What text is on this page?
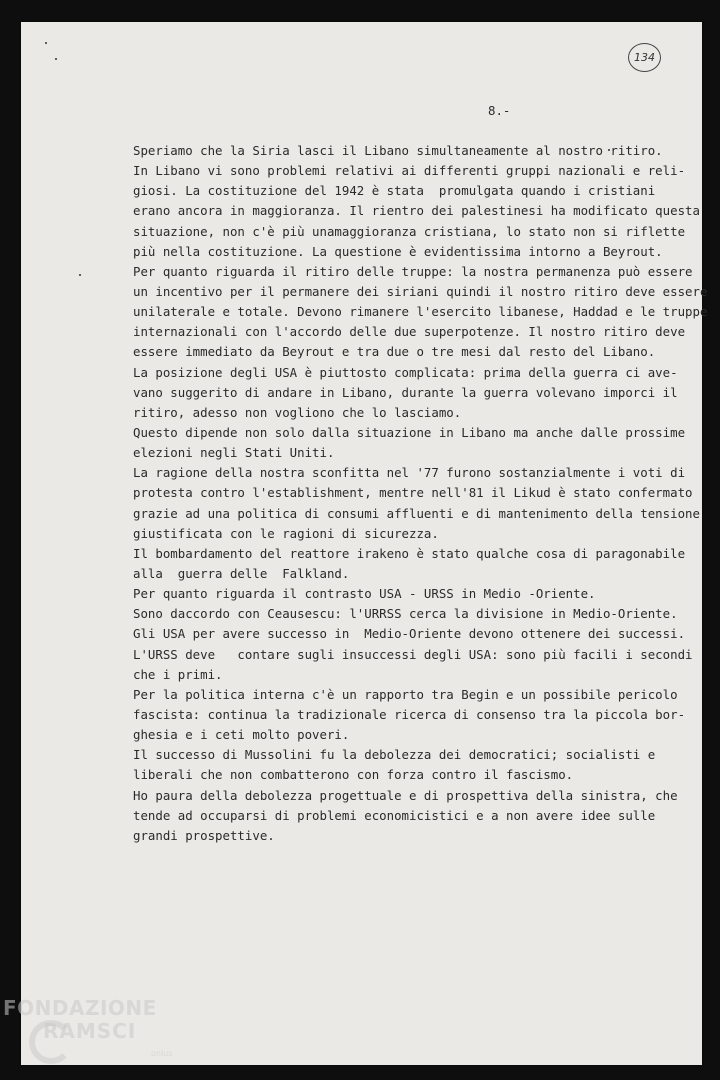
134
8.-
Speriamo che la Siria lasci il Libano simultaneamente al nostro ritiro.
In Libano vi sono problemi relativi ai differenti gruppi nazionali e reli-
giosi. La costituzione del 1942 è stata  promulgata quando i cristiani
erano ancora in maggioranza. Il rientro dei palestinesi ha modificato questa
situazione, non c'è più unamaggioranza cristiana, lo stato non si riflette
più nella costituzione. La questione è evidentissima intorno a Beyrout.
Per quanto riguarda il ritiro delle truppe: la nostra permanenza può essere
un incentivo per il permanere dei siriani quindi il nostro ritiro deve essere
unilaterale e totale. Devono rimanere l'esercito libanese, Haddad e le truppe
internazionali con l'accordo delle due superpotenze. Il nostro ritiro deve
essere immediato da Beyrout e tra due o tre mesi dal resto del Libano.
La posizione degli USA è piuttosto complicata: prima della guerra ci ave-
vano suggerito di andare in Libano, durante la guerra volevano imporci il
ritiro, adesso non vogliono che lo lasciamo.
Questo dipende non solo dalla situazione in Libano ma anche dalle prossime
elezioni negli Stati Uniti.
La ragione della nostra sconfitta nel '77 furono sostanzialmente i voti di
protesta contro l'establishment, mentre nell'81 il Likud è stato confermato
grazie ad una politica di consumi affluenti e di mantenimento della tensione
giustificata con le ragioni di sicurezza.
Il bombardamento del reattore irakeno è stato qualche cosa di paragonabile
alla  guerra delle  Falkland.
Per quanto riguarda il contrasto USA - URSS in Medio -Oriente.
Sono daccordo con Ceausescu: l'URRSS cerca la divisione in Medio-Oriente.
Gli USA per avere successo in  Medio-Oriente devono ottenere dei successi.
L'URSS deve   contare sugli insuccessi degli USA: sono più facili i secondi
che i primi.
Per la politica interna c'è un rapporto tra Begin e un possibile pericolo
fascista: continua la tradizionale ricerca di consenso tra la piccola bor-
ghesia e i ceti molto poveri.
Il successo di Mussolini fu la debolezza dei democratici; socialisti e
liberali che non combatterono con forza contro il fascismo.
Ho paura della debolezza progettuale e di prospettiva della sinistra, che
tende ad occuparsi di problemi economicistici e a non avere idee sulle
grandi prospettive.
FONDAZIONE
RAMSCI
onlus
